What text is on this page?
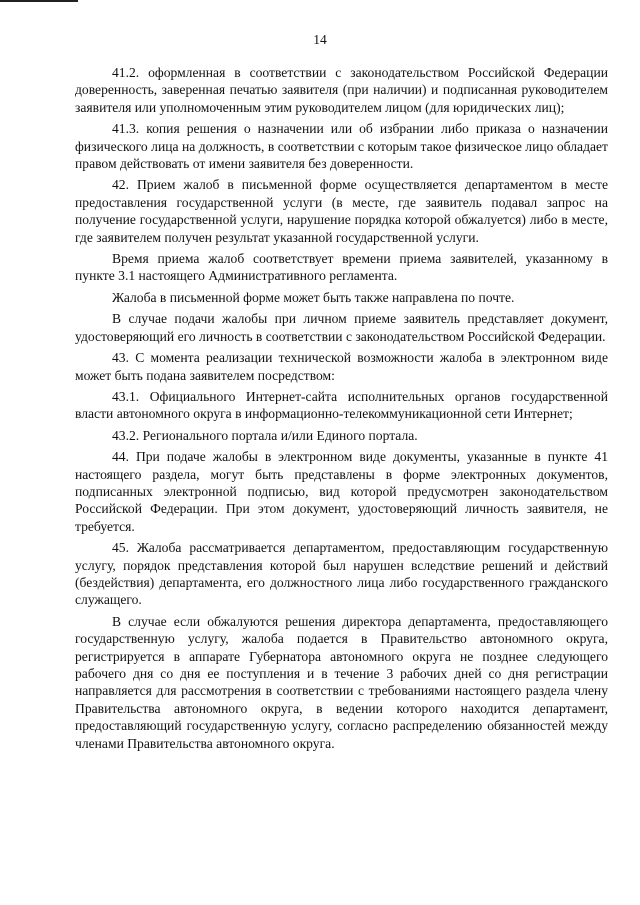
14

41.2. оформленная в соответствии с законодательством Российской Федерации доверенность, заверенная печатью заявителя (при наличии) и подписанная руководителем заявителя или уполномоченным этим руководителем лицом (для юридических лиц);

41.3. копия решения о назначении или об избрании либо приказа о назначении физического лица на должность, в соответствии с которым такое физическое лицо обладает правом действовать от имени заявителя без доверенности.

42. Прием жалоб в письменной форме осуществляется департаментом в месте предоставления государственной услуги (в месте, где заявитель подавал запрос на получение государственной услуги, нарушение порядка которой обжалуется) либо в месте, где заявителем получен результат указанной государственной услуги.

Время приема жалоб соответствует времени приема заявителей, указанному в пункте 3.1 настоящего Административного регламента.

Жалоба в письменной форме может быть также направлена по почте.

В случае подачи жалобы при личном приеме заявитель представляет документ, удостоверяющий его личность в соответствии с законодательством Российской Федерации.

43. С момента реализации технической возможности жалоба в электронном виде может быть подана заявителем посредством:

43.1. Официального Интернет-сайта исполнительных органов государственной власти автономного округа в информационно-телекоммуникационной сети Интернет;

43.2. Регионального портала и/или Единого портала.

44. При подаче жалобы в электронном виде документы, указанные в пункте 41 настоящего раздела, могут быть представлены в форме электронных документов, подписанных электронной подписью, вид которой предусмотрен законодательством Российской Федерации. При этом документ, удостоверяющий личность заявителя, не требуется.

45. Жалоба рассматривается департаментом, предоставляющим государственную услугу, порядок представления которой был нарушен вследствие решений и действий (бездействия) департамента, его должностного лица либо государственного гражданского служащего.

В случае если обжалуются решения директора департамента, предоставляющего государственную услугу, жалоба подается в Правительство автономного округа, регистрируется в аппарате Губернатора автономного округа не позднее следующего рабочего дня со дня ее поступления и в течение 3 рабочих дней со дня регистрации направляется для рассмотрения в соответствии с требованиями настоящего раздела члену Правительства автономного округа, в ведении которого находится департамент, предоставляющий государственную услугу, согласно распределению обязанностей между членами Правительства автономного округа.
